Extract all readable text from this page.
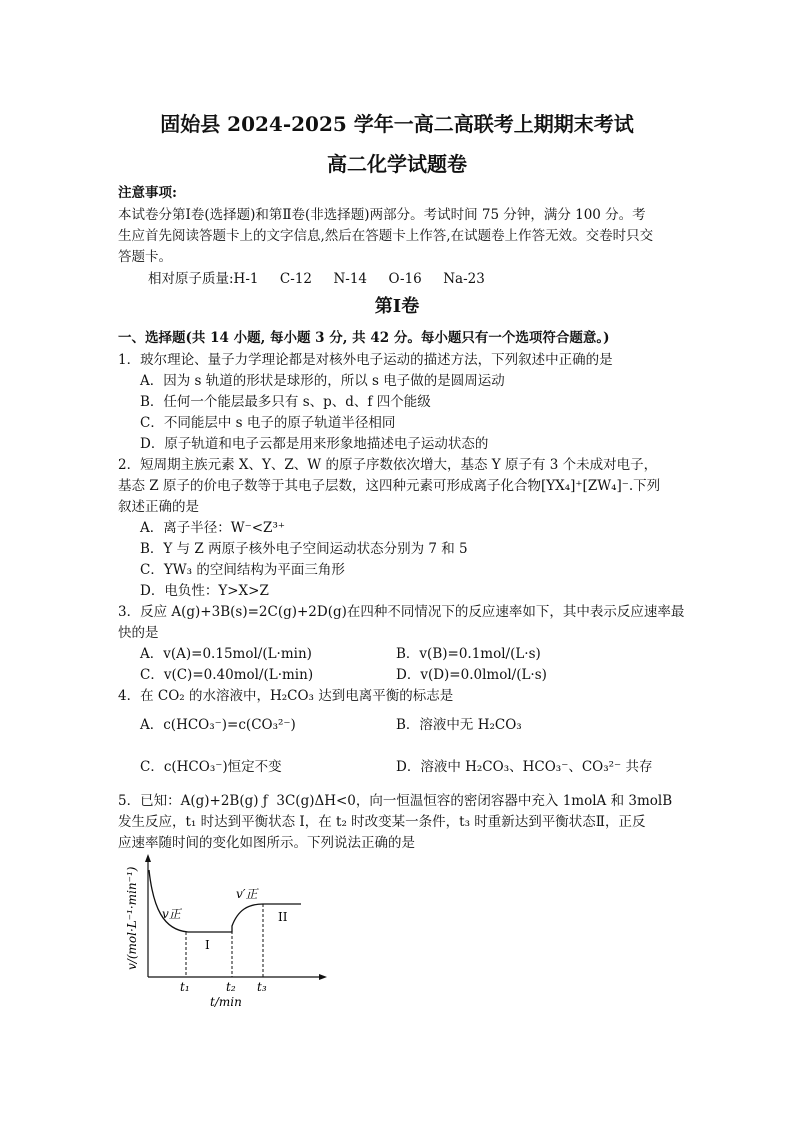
固始县 2024-2025 学年一高二高联考上期期末考试
高二化学试题卷
注意事项:
本试卷分第Ⅰ卷(选择题)和第Ⅱ卷(非选择题)两部分。考试时间 75 分钟，满分 100 分。考
生应首先阅读答题卡上的文字信息,然后在答题卡上作答,在试题卷上作答无效。交卷时只交
答题卡。
相对原子质量:H-1     C-12     N-14     O-16     Na-23
第Ⅰ卷
一、选择题(共 14 小题, 每小题 3 分, 共 42 分。每小题只有一个选项符合题意。)
1．玻尔理论、量子力学理论都是对核外电子运动的描述方法，下列叙述中正确的是
A．因为 s 轨道的形状是球形的，所以 s 电子做的是圆周运动
B．任何一个能层最多只有 s、p、d、f 四个能级
C．不同能层中 s 电子的原子轨道半径相同
D．原子轨道和电子云都是用来形象地描述电子运动状态的
2．短周期主族元素 X、Y、Z、W 的原子序数依次增大，基态 Y 原子有 3 个未成对电子，
基态 Z 原子的价电子数等于其电子层数，这四种元素可形成离子化合物[YX₄]⁺[ZW₄]⁻.下列
叙述正确的是
A．离子半径：W⁻<Z³⁺
B．Y 与 Z 两原子核外电子空间运动状态分别为 7 和 5
C．YW₃ 的空间结构为平面三角形
D．电负性：Y>X>Z
3．反应 A(g)+3B(s)=2C(g)+2D(g)在四种不同情况下的反应速率如下，其中表示反应速率最
快的是
A．v(A)=0.15mol/(L·min)	B．v(B)=0.1mol/(L·s)
C．v(C)=0.40mol/(L·min)	D．v(D)=0.0lmol/(L·s)
4．在 CO₂ 的水溶液中，H₂CO₃ 达到电离平衡的标志是
A．c(HCO₃⁻)=c(CO₃²⁻)	B．溶液中无 H₂CO₃
C．c(HCO₃⁻)恒定不变	D．溶液中 H₂CO₃、HCO₃⁻、CO₃²⁻ 共存
5．已知：A(g)+2B(g) ƒ  3C(g)ΔH<0，向一恒温恒容的密闭容器中充入 1molA 和 3molB
发生反应，t₁ 时达到平衡状态 I，在 t₂ 时改变某一条件，t₃ 时重新达到平衡状态Ⅱ，正反
应速率随时间的变化如图所示。下列说法正确的是
v/(mol·L⁻¹·min⁻¹)
t₁	t₂ t₃
t/min
v正
v′正
I
II
